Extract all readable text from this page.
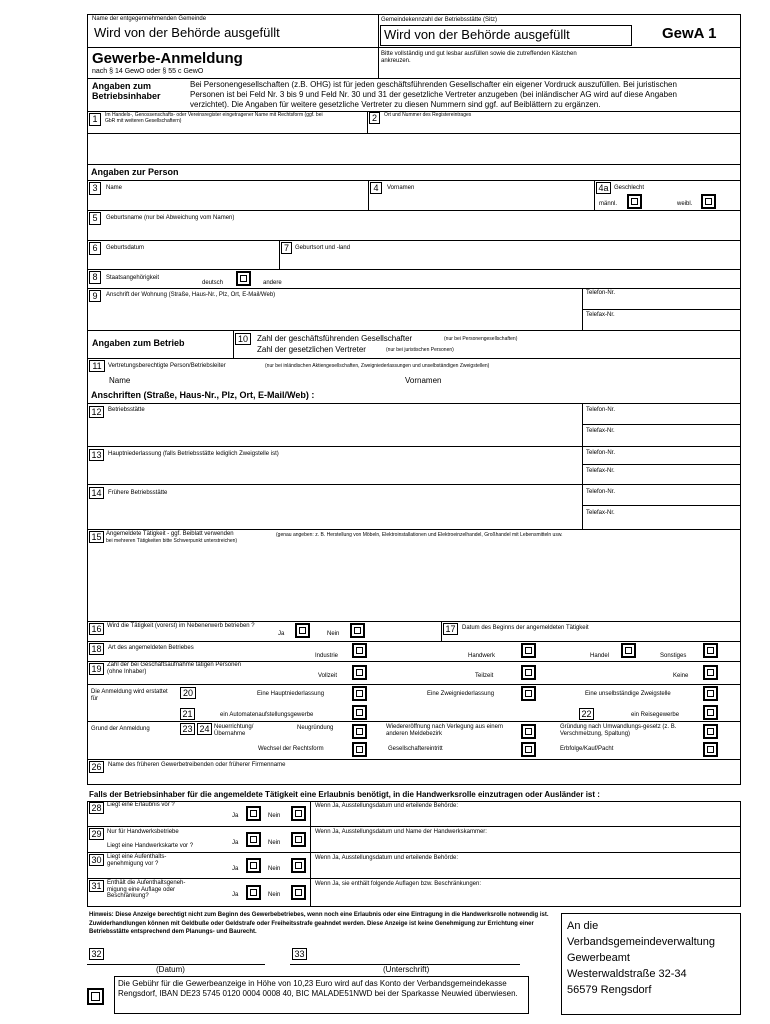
Name der entgegennehmenden Gemeinde
Wird von der Behörde ausgefüllt
Gemeindekennzahl der Betriebsstätte (Sitz)
Wird von der Behörde ausgefüllt	GewA 1
Gewerbe-Anmeldung
nach § 14 GewO oder § 55 c GewO
Bitte vollständig und gut lesbar ausfüllen sowie die zutreffenden Kästchen ankreuzen.
Angaben zum Betriebsinhaber
Bei Personengesellschaften (z.B. OHG) ist für jeden geschäftsführenden Gesellschafter ein eigener Vordruck auszufüllen. Bei juristischen Personen ist bei Feld Nr. 3 bis 9 und Feld Nr. 30 und 31 der gesetzliche Vertreter anzugeben (bei inländischer AG wird auf diese Angaben verzichtet). Die Angaben für weitere gesetzliche Vertreter zu diesen Nummern sind ggf. auf Beiblättern zu ergänzen.
1	Im Handels-, Genossenschafts- oder Vereinsregister eingetragener Name mit Rechtsform (ggf. bei GbR mit weiteren Gesellschaftern)	2	Ort und Nummer des Registereintrages
Angaben zur Person
3	Name	4	Vornamen	4a Geschlecht
männl.	weibl.
5	Geburtsname (nur bei Abweichung vom Namen)
6	Geburtsdatum	7	Geburtsort und -land
8	Staatsangehörigkeit
deutsch	andere
9	Anschrift der Wohnung (Straße, Haus-Nr., Plz, Ort, E-Mail/Web)	Telefon-Nr.
Telefax-Nr.
Angaben zum Betrieb	10	Zahl der geschäftsführenden Gesellschafter	(nur bei Personengesellschaften)
Zahl der gesetzlichen Vertreter	(nur bei juristischen Personen)
11	Vertretungsberechtigte Person/Betriebsleiter	(nur bei inländischen Aktiengesellschaften, Zweigniederlassungen und unselbständigen Zweigstellen)
Name	Vornamen
Anschriften (Straße, Haus-Nr., Plz, Ort, E-Mail/Web) :
12	Betriebsstätte	Telefon-Nr.
Telefax-Nr.
13	Hauptniederlassung (falls Betriebsstätte lediglich Zweigstelle ist)	Telefon-Nr.
Telefax-Nr.
14	Frühere Betriebsstätte	Telefon-Nr.
Telefax-Nr.
15 Angemeldete Tätigkeit - ggf. Beiblatt verwenden
bei mehreren Tätigkeiten bitte Schwerpunkt unterstreichen)
(genau angeben: z. B. Herstellung von Möbeln, Elektroinstallationen und Elektroeinzelhandel, Großhandel mit Lebensmitteln usw.
16 Wird die Tätigkeit (vorerst) im Nebenerwerb betrieben ?
Ja	Nein	17	Datum des Beginns der angemeldeten Tätigkeit
18	Art des angemeldeten Betriebes
Industrie	Handwerk	Handel	Sonstiges
19 Zahl der bei Geschäftsaufnahme tätigen Personen (ohne Inhaber)
Vollzeit	Teilzeit	Keine
Die Anmeldung wird erstattet für
20	Eine Hauptniederlassung	Eine Zweigniederlassung	Eine unselbständige Zweigstelle
21	ein Automatenaufstellungsgewerbe	22	ein Reisegewerbe
Grund der Anmeldung	23 24 Neuerrichtung/ Übernahme
Neugründung	Wiedereröffnung nach Verlegung aus einem anderen Meldebezirk
Gründung nach Umwandlungs-gesetz (z. B. Verschmelzung, Spaltung)
Wechsel der Rechtsform	Gesellschaftereintritt	Erbfolge/Kauf/Pacht
26	Name des früheren Gewerbetreibenden oder früherer Firmenname
Falls der Betriebsinhaber für die angemeldete Tätigkeit eine Erlaubnis benötigt, in die Handwerksrolle einzutragen oder Ausländer ist :
28 Liegt eine Erlaubnis vor ?
Ja	Nein
Wenn Ja, Ausstellungsdatum und erteilende Behörde:
29 Nur für Handwerksbetriebe
Liegt eine Handwerkskarte vor ?	Ja	Nein
Wenn Ja, Ausstellungsdatum und Name der Handwerkskammer:
30 Liegt eine Aufenthalts-genehmigung vor ?
Ja	Nein
Wenn Ja, Ausstellungsdatum und erteilende Behörde:
31 Enthält die Aufenthaltsgeneh-migung eine Auflage oder Beschränkung?	Ja	Nein
Wenn Ja, sie enthält folgende Auflagen bzw. Beschränkungen:
Hinweis: Diese Anzeige berechtigt nicht zum Beginn des Gewerbebetriebes, wenn noch eine Erlaubnis oder eine Eintragung in die Handwerksrolle notwendig ist. Zuwiderhandlungen können mit Geldbuße oder Geldstrafe oder Freiheitsstrafe geahndet werden. Diese Anzeige ist keine Genehmigung zur Errichtung einer Betriebsstätte entsprechend dem Planungs- und Baurecht.
32	33
(Datum)	(Unterschrift)
Die Gebühr für die Gewerbeanzeige in Höhe von 10,23 Euro wird auf das Konto der Verbandsgemeindekasse Rengsdorf, IBAN DE23 5745 0120 0004 0008 40, BIC MALADE51NWD bei der Sparkasse Neuwied überwiesen.
An die
Verbandsgemeindeverwaltung
Gewerbeamt
Westerwaldstraße 32-34
56579 Rengsdorf
